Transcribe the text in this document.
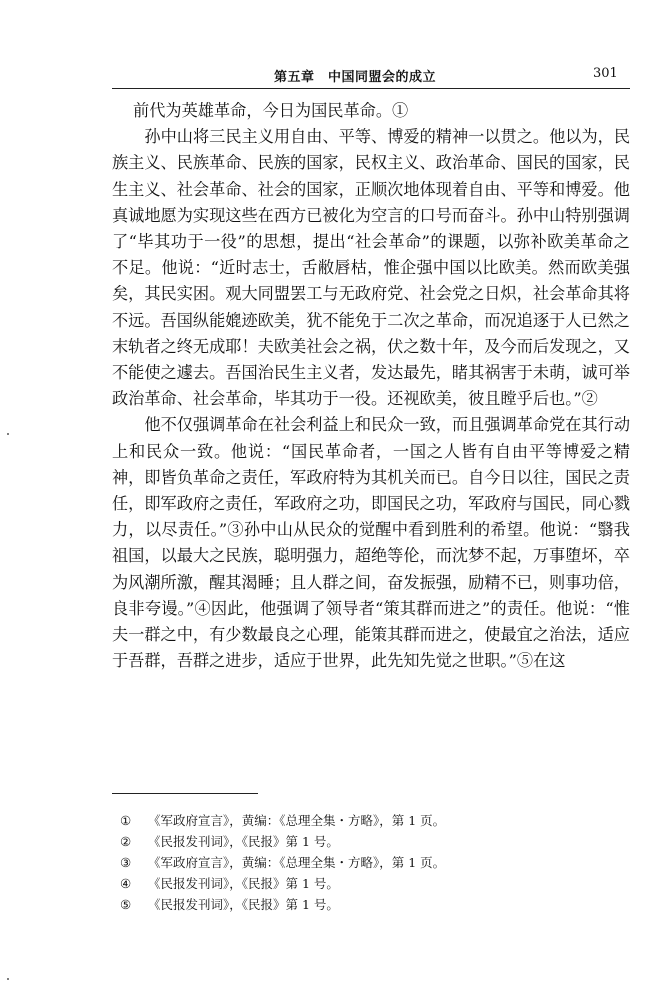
第五章　中国同盟会的成立	301

前代为英雄革命，今日为国民革命。①

孙中山将三民主义用自由、平等、博爱的精神一以贯之。他以为，民族主义、民族革命、民族的国家，民权主义、政治革命、国民的国家，民生主义、社会革命、社会的国家，正顺次地体现着自由、平等和博爱。他真诚地愿为实现这些在西方已被化为空言的口号而奋斗。孙中山特别强调了“毕其功于一役”的思想，提出“社会革命”的课题，以弥补欧美革命之不足。他说：“近时志士，舌敝唇枯，惟企强中国以比欧美。然而欧美强矣，其民实困。观大同盟罢工与无政府党、社会党之日炽，社会革命其将不远。吾国纵能媲迹欧美，犹不能免于二次之革命，而况追逐于人已然之末轨者之终无成耶！夫欧美社会之祸，伏之数十年，及今而后发现之，又不能使之遽去。吾国治民生主义者，发达最先，睹其祸害于未萌，诚可举政治革命、社会革命，毕其功于一役。还视欧美，彼且瞠乎后也。”②

他不仅强调革命在社会利益上和民众一致，而且强调革命党在其行动上和民众一致。他说：“国民革命者，一国之人皆有自由平等博爱之精神，即皆负革命之责任，军政府特为其机关而已。自今日以往，国民之责任，即军政府之责任，军政府之功，即国民之功，军政府与国民，同心戮力，以尽责任。”③孙中山从民众的觉醒中看到胜利的希望。他说：“翳我祖国，以最大之民族，聪明强力，超绝等伦，而沈梦不起，万事堕坏，卒为风潮所激，醒其渴睡；且人群之间，奋发振强，励精不已，则事功倍，良非夸谩。”④因此，他强调了领导者“策其群而进之”的责任。他说：“惟夫一群之中，有少数最良之心理，能策其群而进之，使最宜之治法，适应于吾群，吾群之进步，适应于世界，此先知先觉之世职。”⑤在这

①	《军政府宣言》，黄编：《总理全集・方略》，第 1 页。
②	《民报发刊词》，《民报》第 1 号。
③	《军政府宣言》，黄编：《总理全集・方略》，第 1 页。
④	《民报发刊词》，《民报》第 1 号。
⑤	《民报发刊词》，《民报》第 1 号。
